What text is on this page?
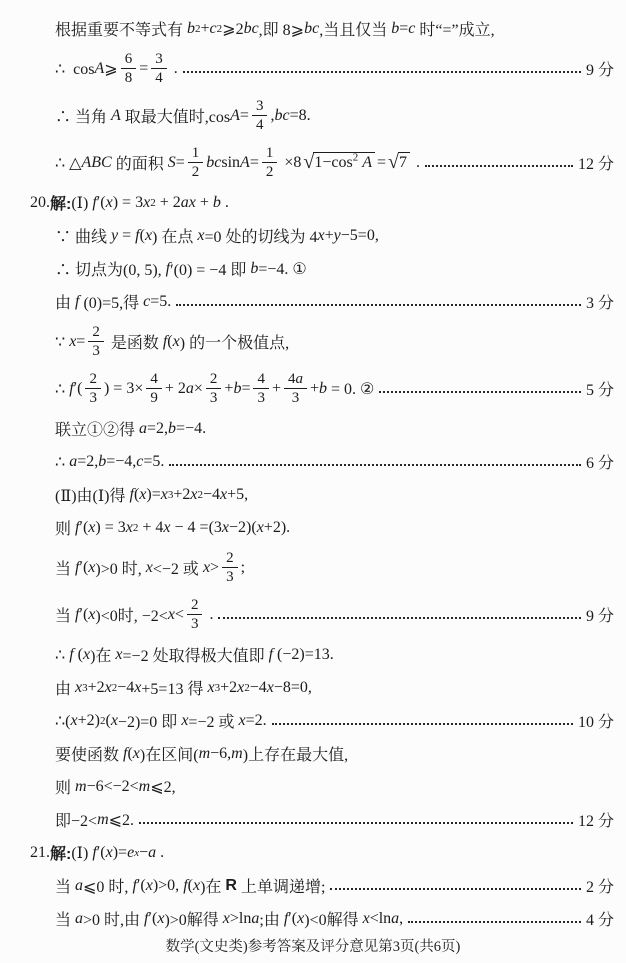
根据重要不等式有 b 2 + c 2 ⩾2 bc ,即 8⩾ bc ,当且仅当 b = c 时“=”成立,
∴  cos A ⩾ $\frac{6}{8} = \frac{3}{4}$ .	9 分
∴ 当角 A 取最大值时,cos $A = \frac{3}{4}$ , bc =8.
∴ △ ABC 的面积 $S = \frac{1}{2}$ bc $\sin A = \frac{1}{2} \times 8$ √ $1-\cos^2$ A = √ 7 .	12 分
20. 解: (Ⅰ) f ′( x ) = 3 x 2 + 2 ax + b .
∵ 曲线 y = f ( x ) 在点 x =0 处的切线为 4 x + y −5=0,
∴ 切点为(0, 5), f ′(0) = −4 即 b =−4. ①
由 f (0)=5,得 c =5.	3 分
∵ $x = \frac{2}{3}$ 是函数 f ( x ) 的一个极值点,
∴ f ′( $\frac{2}{3}$ ) = $3\times \frac{4}{9} + 2$ $a \times \frac{2}{3} + b = \frac{4}{3} + \frac{4a}{3} + b = 0$. ②	5 分
联立①②得 a =2, b =−4.
∴ a =2, b =−4, c =5.	6 分
(Ⅱ)由(Ⅰ)得 f ( x )= x 3 +2 x 2 −4 x +5,
则 f ′( x ) = 3 x 2 + 4 x − 4 =(3 x −2)( x +2).
当 f ′( x )>0 时, x <−2 或 $x > \frac{2}{3}$ ;
当 f ′( x )<0时, $-2< x < \frac{2}{3}$ .	9 分
∴ f ( x )在 x =−2 处取得极大值即 f (−2)=13.
由 x 3 +2 x 2 −4 x +5=13 得 x 3 +2 x 2 −4 x −8=0,
∴( x +2) 2 ( x −2)=0 即 x =−2 或 x =2.	10 分
要使函数 f ( x )在区间( m −6, m )上存在最大值,
则 m −6<−2< m ⩽2,
即−2< m ⩽2.	12 分
21. 解: (Ⅰ) f ′( x )= e x − a .
当 a ⩽0 时, f ′( x )>0, f ( x )在 R 上单调递增;	2 分
当 a >0 时,由 f ′( x )>0解得 x >ln a ;由 f ′( x )<0解得 x <ln a ,	4 分
数学(文史类)参考答案及评分意见第3页(共6页)
